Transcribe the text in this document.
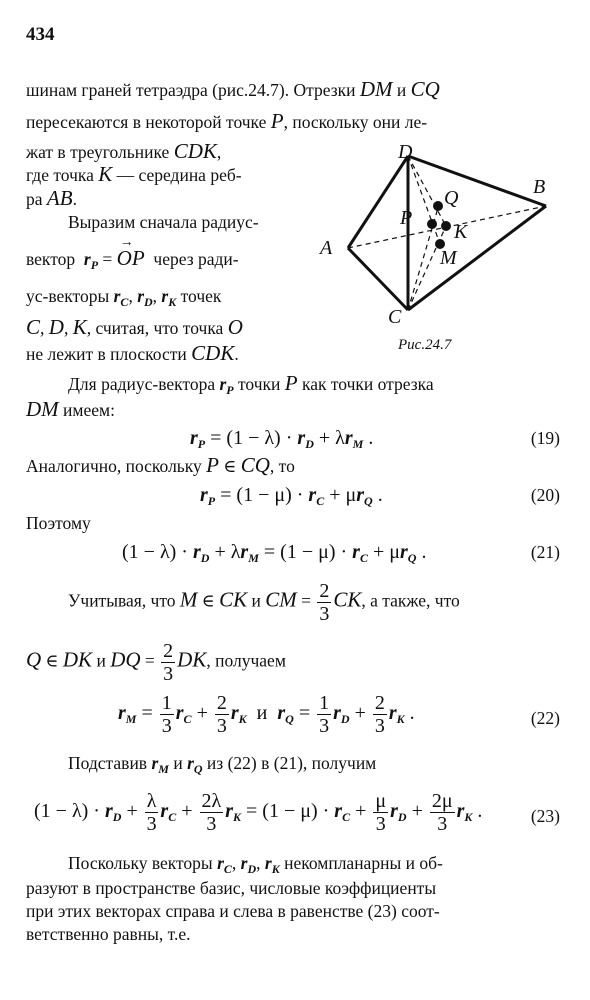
434
шинам граней тетраэдра (рис.24.7). Отрезки DM и CQ
пересекаются в некоторой точке P, поскольку они ле-
жат в треугольнике CDK,
где точка K — середина реб-
ра AB.
Выразим сначала радиус-
вектор $r_P$ = OP
→
через ради-
ус-векторы $r_C$, $r_D$, $r_K$ точек
C, D, K, считая, что точка O
не лежит в плоскости CDK.
D
B
A
C
P
Q
K
M
Рис.24.7
Для радиус-вектора $r_P$ точки P как точки отрезка
DM имеем:
$r_P = (1 - \lambda) \cdot r_D + \lambda r_M$ .	(19)
Аналогично, поскольку P ∈ CQ, то
$r_P = (1 - \mu) \cdot r_C + \mu r_Q$ .	(20)
Поэтому
$(1 - \lambda) \cdot r_D + \lambda r_M = (1 - \mu) \cdot r_C + \mu r_Q$ .	(21)
Учитывая, что M ∈ CK и CM = $\frac{2}{3}$ CK, а также, что
Q ∈ DK и DQ = $\frac{2}{3}$ DK, получаем
$r_M = \frac{1}{3} r_C + \frac{2}{3} r_K$  и  $r_Q = \frac{1}{3} r_D + \frac{2}{3} r_K$ .	(22)
Подставив $r_M$ и $r_Q$ из (22) в (21), получим
$(1 - \lambda) \cdot r_D + \frac{\lambda}{3} r_C + \frac{2\lambda}{3} r_K = (1 - \mu) \cdot r_C + \frac{\mu}{3} r_D + \frac{2\mu}{3} r_K$ .	(23)
Поскольку векторы $r_C$, $r_D$, $r_K$ некомпланарны и об-
разуют в пространстве базис, числовые коэффициенты
при этих векторах справа и слева в равенстве (23) соот-
ветственно равны, т.е.
